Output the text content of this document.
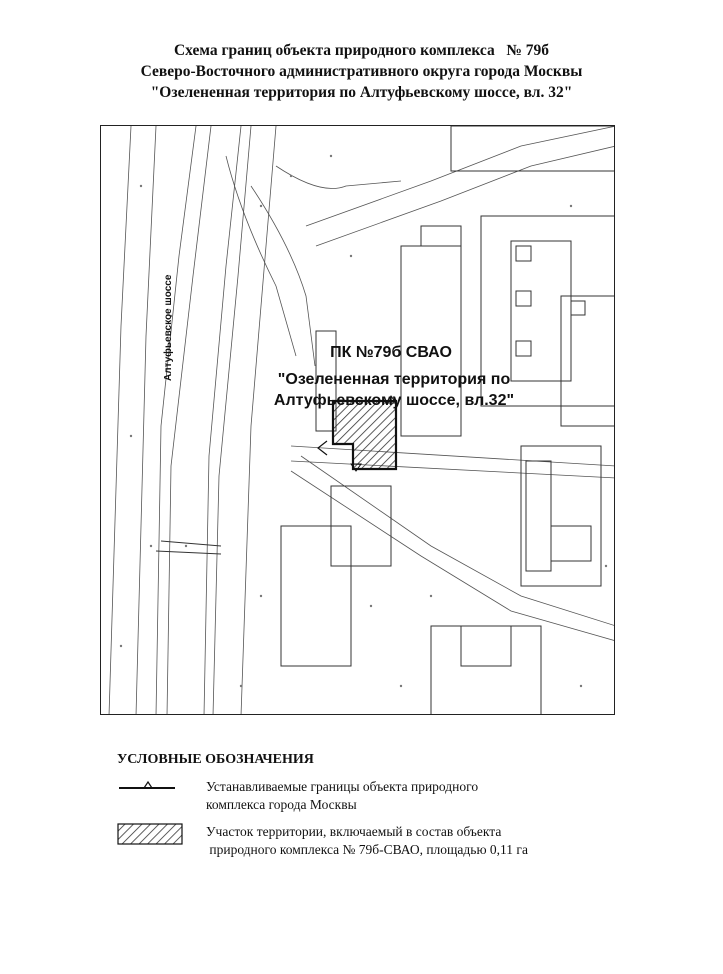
Схема границ объекта природного комплекса   № 79б
Северо-Восточного административного округа города Москвы
"Озелененная территория по Алтуфьевскому шоссе, вл. 32"
Алтуфьевское шоссе	ПК №79б СВАО
"Озелененная территория по
Алтуфьевскому шоссе, вл.32"
УСЛОВНЫЕ ОБОЗНАЧЕНИЯ
Устанавливаемые границы объекта природного
комплекса города Москвы
Участок территории, включаемый в состав объекта
природного комплекса № 79б-СВАО, площадью 0,11 га
